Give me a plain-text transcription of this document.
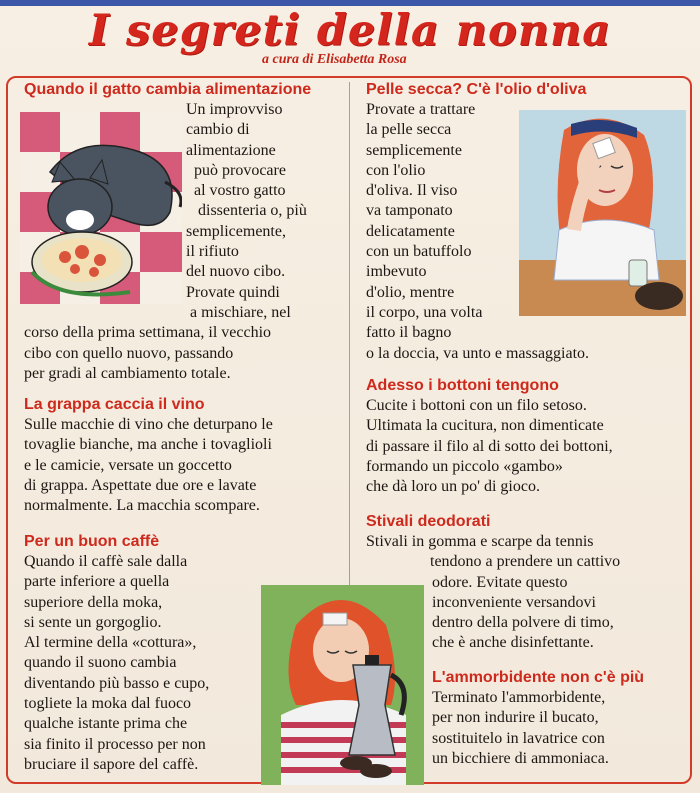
I segreti della nonna

a cura di Elisabetta Rosa

Quando il gatto cambia alimentazione

Un improvviso
cambio di
alimentazione
può provocare
al vostro gatto
dissenteria o, più
semplicemente,
il rifiuto
del nuovo cibo.
Provate quindi
a mischiare, nel
corso della prima settimana, il vecchio
cibo con quello nuovo, passando
per gradi al cambiamento totale.

La grappa caccia il vino

Sulle macchie di vino che deturpano le
tovaglie bianche, ma anche i tovaglioli
e le camicie, versate un goccetto
di grappa. Aspettate due ore e lavate
normalmente. La macchia scompare.

Per un buon caffè

Quando il caffè sale dalla
parte inferiore a quella
superiore della moka,
si sente un gorgoglio.
Al termine della «cottura»,
quando il suono cambia
diventando più basso e cupo,
togliete la moka dal fuoco
qualche istante prima che
sia finito il processo per non
bruciare il sapore del caffè.

Pelle secca? C'è l'olio d'oliva

Provate a trattare
la pelle secca
semplicemente
con l'olio
d'oliva. Il viso
va tamponato
delicatamente
con un batuffolo
imbevuto
d'olio, mentre
il corpo, una volta
fatto il bagno
o la doccia, va unto e massaggiato.

Adesso i bottoni tengono

Cucite i bottoni con un filo setoso.
Ultimata la cucitura, non dimenticate
di passare il filo al di sotto dei bottoni,
formando un piccolo «gambo»
che dà loro un po' di gioco.

Stivali deodorati

Stivali in gomma e scarpe da tennis
tendono a prendere un cattivo
odore. Evitate questo
inconveniente versandovi
dentro della polvere di timo,
che è anche disinfettante.

L'ammorbidente non c'è più

Terminato l'ammorbidente,
per non indurire il bucato,
sostituitelo in lavatrice con
un bicchiere di ammoniaca.
